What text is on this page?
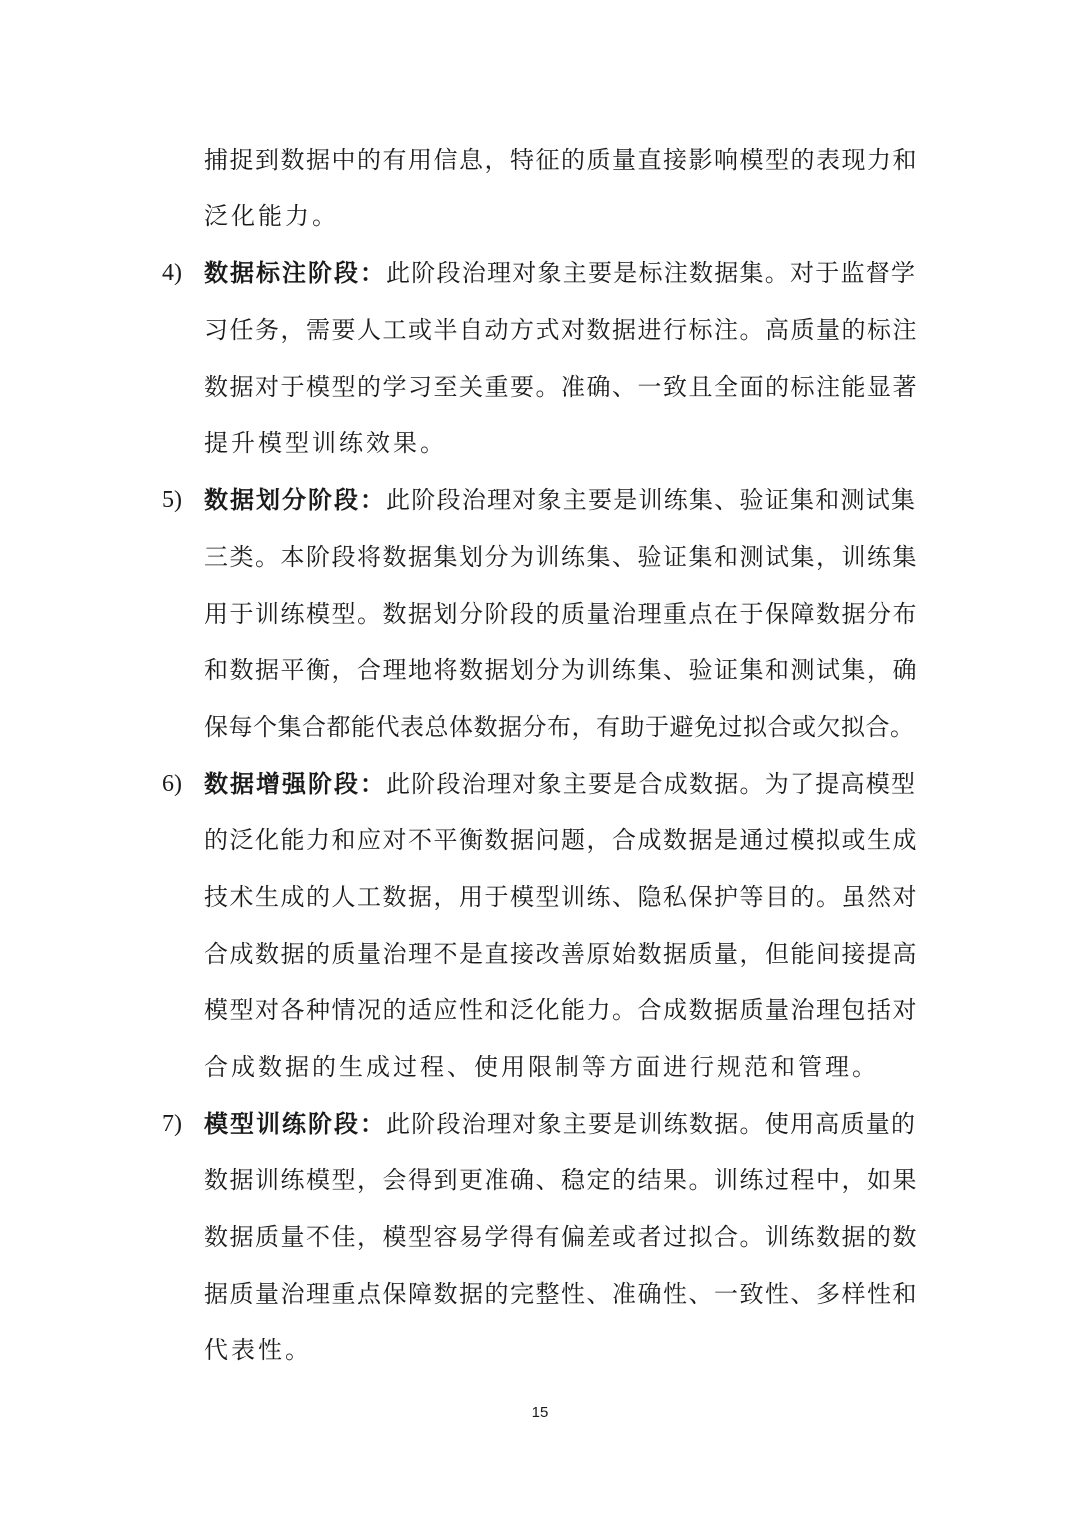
捕捉到数据中的有用信息，特征的质量直接影响模型的表现力和
泛化能力。
4) 数据标注阶段：此阶段治理对象主要是标注数据集。对于监督学
习任务，需要人工或半自动方式对数据进行标注。高质量的标注
数据对于模型的学习至关重要。准确、一致且全面的标注能显著
提升模型训练效果。
5) 数据划分阶段：此阶段治理对象主要是训练集、验证集和测试集
三类。本阶段将数据集划分为训练集、验证集和测试集，训练集
用于训练模型。数据划分阶段的质量治理重点在于保障数据分布
和数据平衡，合理地将数据划分为训练集、验证集和测试集，确
保每个集合都能代表总体数据分布，有助于避免过拟合或欠拟合。
6) 数据增强阶段：此阶段治理对象主要是合成数据。为了提高模型
的泛化能力和应对不平衡数据问题，合成数据是通过模拟或生成
技术生成的人工数据，用于模型训练、隐私保护等目的。虽然对
合成数据的质量治理不是直接改善原始数据质量，但能间接提高
模型对各种情况的适应性和泛化能力。合成数据质量治理包括对
合成数据的生成过程、使用限制等方面进行规范和管理。
7) 模型训练阶段：此阶段治理对象主要是训练数据。使用高质量的
数据训练模型，会得到更准确、稳定的结果。训练过程中，如果
数据质量不佳，模型容易学得有偏差或者过拟合。训练数据的数
据质量治理重点保障数据的完整性、准确性、一致性、多样性和
代表性。
15
